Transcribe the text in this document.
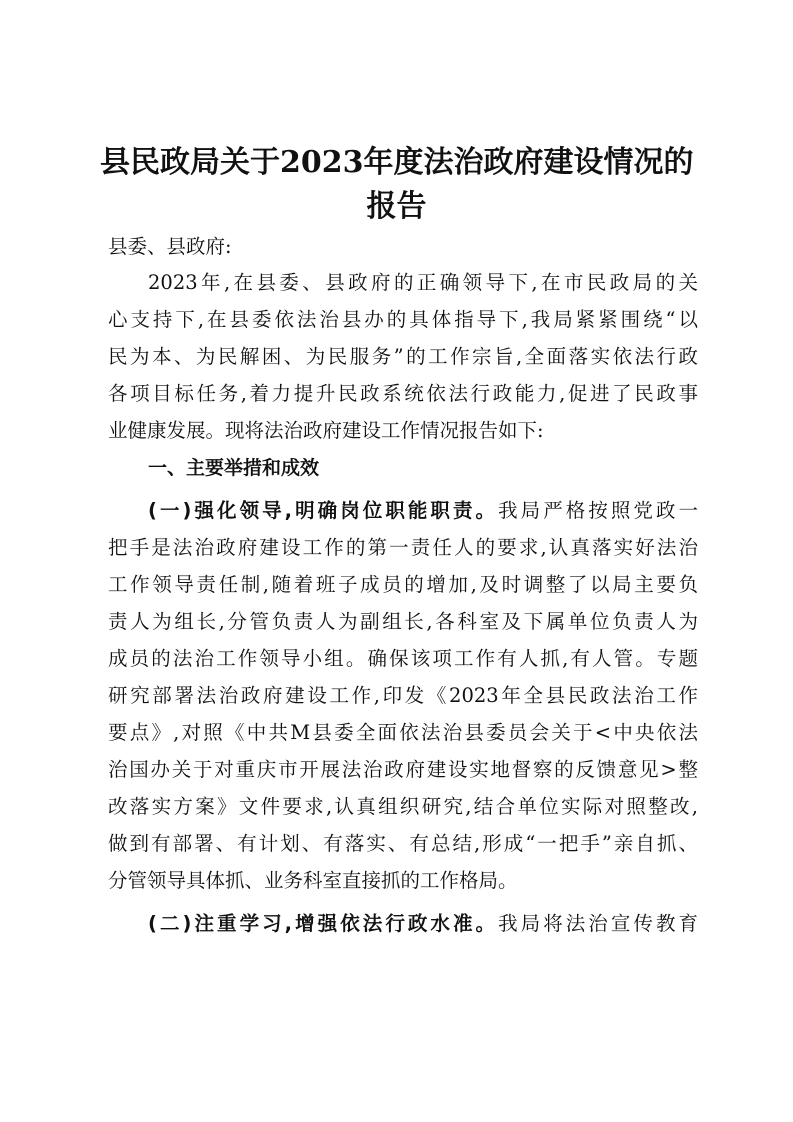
县民政局关于2023年度法治政府建设情况的
报告
县委、县政府:
2023年,在县委、县政府的正确领导下,在市民政局的关
心支持下,在县委依法治县办的具体指导下,我局紧紧围绕“以
民为本、为民解困、为民服务”的工作宗旨,全面落实依法行政
各项目标任务,着力提升民政系统依法行政能力,促进了民政事
业健康发展。现将法治政府建设工作情况报告如下:
一、主要举措和成效
(一)强化领导,明确岗位职能职责。我局严格按照党政一
把手是法治政府建设工作的第一责任人的要求,认真落实好法治
工作领导责任制,随着班子成员的增加,及时调整了以局主要负
责人为组长,分管负责人为副组长,各科室及下属单位负责人为
成员的法治工作领导小组。确保该项工作有人抓,有人管。专题
研究部署法治政府建设工作,印发《2023年全县民政法治工作
要点》,对照《中共M县委全面依法治县委员会关于<中央依法
治国办关于对重庆市开展法治政府建设实地督察的反馈意见>整
改落实方案》文件要求,认真组织研究,结合单位实际对照整改,
做到有部署、有计划、有落实、有总结,形成“一把手”亲自抓、
分管领导具体抓、业务科室直接抓的工作格局。
(二)注重学习,增强依法行政水准。我局将法治宣传教育
